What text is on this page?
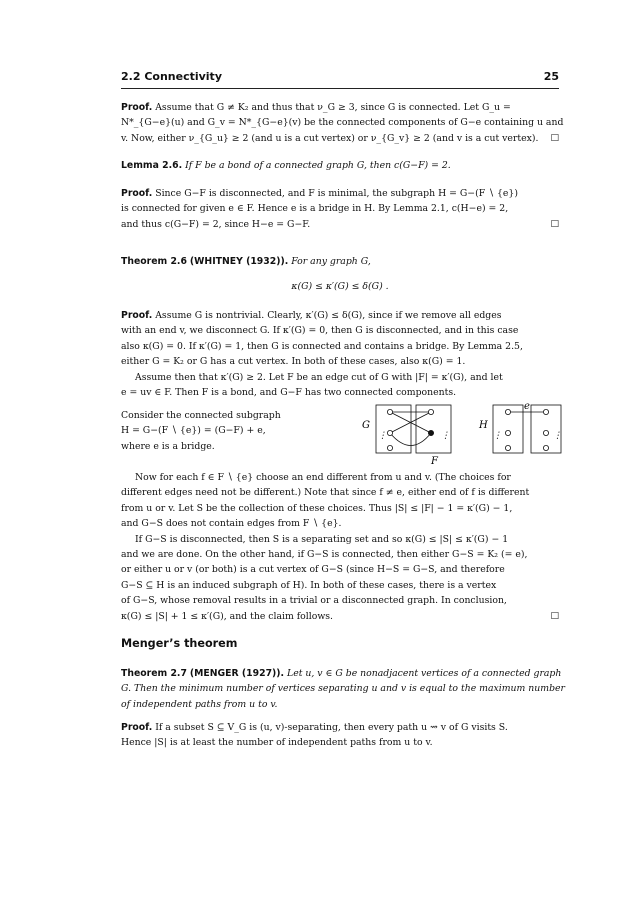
2.2 Connectivity	25
Proof. Assume that G ≠ K₂ and thus that ν_G ≥ 3, since G is connected. Let G_u =
N*_{G−e}(u) and G_v = N*_{G−e}(v) be the connected components of G−e containing u and
v. Now, either ν_{G_u} ≥ 2 (and u is a cut vertex) or ν_{G_v} ≥ 2 (and v is a cut vertex). □
Lemma 2.6. If F be a bond of a connected graph G, then c(G−F) = 2.
Proof. Since G−F is disconnected, and F is minimal, the subgraph H = G−(F ∖ {e})
is connected for given e ∈ F. Hence e is a bridge in H. By Lemma 2.1, c(H−e) = 2,
and thus c(G−F) = 2, since H−e = G−F.	□
Theorem 2.6 (WHITNEY (1932)). For any graph G,
κ(G) ≤ κ′(G) ≤ δ(G) .
Proof. Assume G is nontrivial. Clearly, κ′(G) ≤ δ(G), since if we remove all edges
with an end v, we disconnect G. If κ′(G) = 0, then G is disconnected, and in this case
also κ(G) = 0. If κ′(G) = 1, then G is connected and contains a bridge. By Lemma 2.5,
either G = K₂ or G has a cut vertex. In both of these cases, also κ(G) = 1.
Assume then that κ′(G) ≥ 2. Let F be an edge cut of G with |F| = κ′(G), and let
e = uv ∈ F. Then F is a bond, and G−F has two connected components.
Consider the connected subgraph
H = G−(F ∖ {e}) = (G−F) + e,
where e is a bridge.
G
F
⋮	⋮
H
e
⋮	⋮
Now for each f ∈ F ∖ {e} choose an end different from u and v. (The choices for
different edges need not be different.) Note that since f ≠ e, either end of f is different
from u or v. Let S be the collection of these choices. Thus |S| ≤ |F| − 1 = κ′(G) − 1,
and G−S does not contain edges from F ∖ {e}.
If G−S is disconnected, then S is a separating set and so κ(G) ≤ |S| ≤ κ′(G) − 1
and we are done. On the other hand, if G−S is connected, then either G−S = K₂ (= e),
or either u or v (or both) is a cut vertex of G−S (since H−S = G−S, and therefore
G−S ⊆ H is an induced subgraph of H). In both of these cases, there is a vertex
of G−S, whose removal results in a trivial or a disconnected graph. In conclusion,
κ(G) ≤ |S| + 1 ≤ κ′(G), and the claim follows.	□
Menger’s theorem
Theorem 2.7 (MENGER (1927)). Let u, v ∈ G be nonadjacent vertices of a connected graph
G. Then the minimum number of vertices separating u and v is equal to the maximum number
of independent paths from u to v.
Proof. If a subset S ⊆ V_G is (u, v)-separating, then every path u ⇝ v of G visits S.
Hence |S| is at least the number of independent paths from u to v.
